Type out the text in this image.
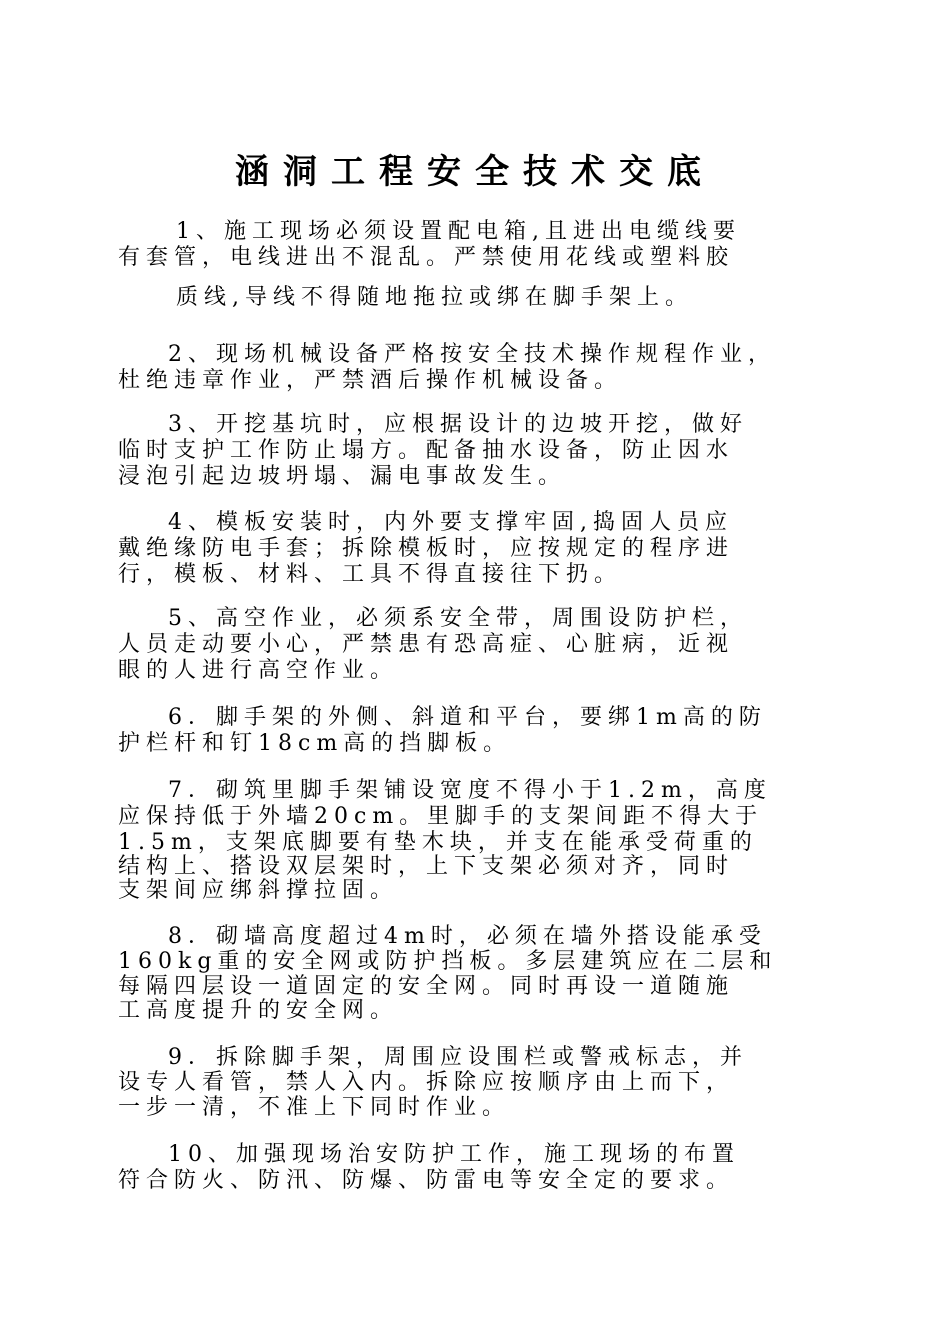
涵洞工程安全技术交底
1、施工现场必须设置配电箱,且进出电缆线要
有套管，电线进出不混乱。严禁使用花线或塑料胶
质线,导线不得随地拖拉或绑在脚手架上。
2、现场机械设备严格按安全技术操作规程作业，
杜绝违章作业，严禁酒后操作机械设备。
3、开挖基坑时，应根据设计的边坡开挖，做好
临时支护工作防止塌方。配备抽水设备，防止因水
浸泡引起边坡坍塌、漏电事故发生。
4、模板安装时，内外要支撑牢固,捣固人员应
戴绝缘防电手套；拆除模板时，应按规定的程序进
行，模板、材料、工具不得直接往下扔。
5、高空作业，必须系安全带，周围设防护栏，
人员走动要小心，严禁患有恐高症、心脏病，近视
眼的人进行高空作业。
6．脚手架的外侧、斜道和平台，要绑1m高的防
护栏杆和钉18cm高的挡脚板。
7．砌筑里脚手架铺设宽度不得小于1.2m，高度
应保持低于外墙20cm。里脚手的支架间距不得大于
1.5m，支架底脚要有垫木块，并支在能承受荷重的
结构上、搭设双层架时，上下支架必须对齐，同时
支架间应绑斜撑拉固。
8．砌墙高度超过4m时，必须在墙外搭设能承受
160kg重的安全网或防护挡板。多层建筑应在二层和
每隔四层设一道固定的安全网。同时再设一道随施
工高度提升的安全网。
9．拆除脚手架，周围应设围栏或警戒标志，并
设专人看管，禁人入内。拆除应按顺序由上而下，
一步一清，不准上下同时作业。
10、加强现场治安防护工作，施工现场的布置
符合防火、防汛、防爆、防雷电等安全定的要求。
